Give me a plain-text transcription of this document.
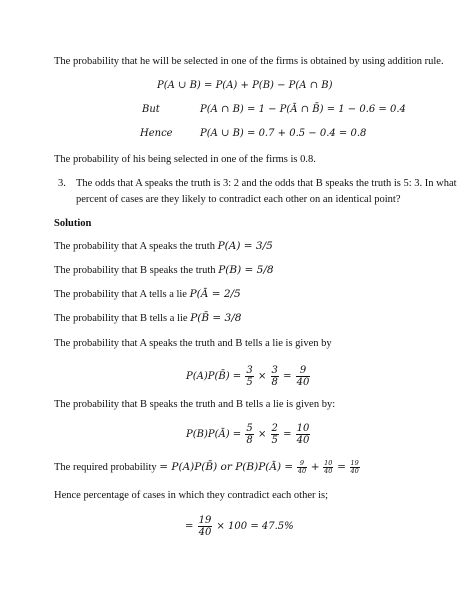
The probability that he will be selected in one of the firms is obtained by using addition rule.
P(A ∪ B) = P(A) + P(B) − P(A ∩ B)
But	P(A ∩ B) = 1 − P(Ā ∩ B̄) = 1 − 0.6 = 0.4
Hence	P(A ∪ B) = 0.7 + 0.5 − 0.4 = 0.8
The probability of his being selected in one of the firms is 0.8.
3. The odds that A speaks the truth is 3: 2 and the odds that B speaks the truth is 5: 3. In what
percent of cases are they likely to contradict each other on an identical point?
Solution
The probability that A speaks the truth P(A) = 3/5
The probability that B speaks the truth P(B) = 5/8
The probability that A tells a lie P(Ā = 2/5
The probability that B tells a lie P(B̄ = 3/8
The probability that A speaks the truth and B tells a lie is given by
P(A)P(B̄) = $\frac{3}{5} \times \frac{3}{8} = \frac{9}{40}$
The probability that B speaks the truth and B tells a lie is given by:
P(B)P(Ā) = $\frac{5}{8} \times \frac{2}{5} = \frac{10}{40}$
The required probability = P(A)P(B̄) or P(B)P(Ā) = $\frac{9}{40} + \frac{10}{40} = \frac{19}{40}$
Hence percentage of cases in which they contradict each other is;
= $\frac{19}{40} \times 100 = 47.5\%$
